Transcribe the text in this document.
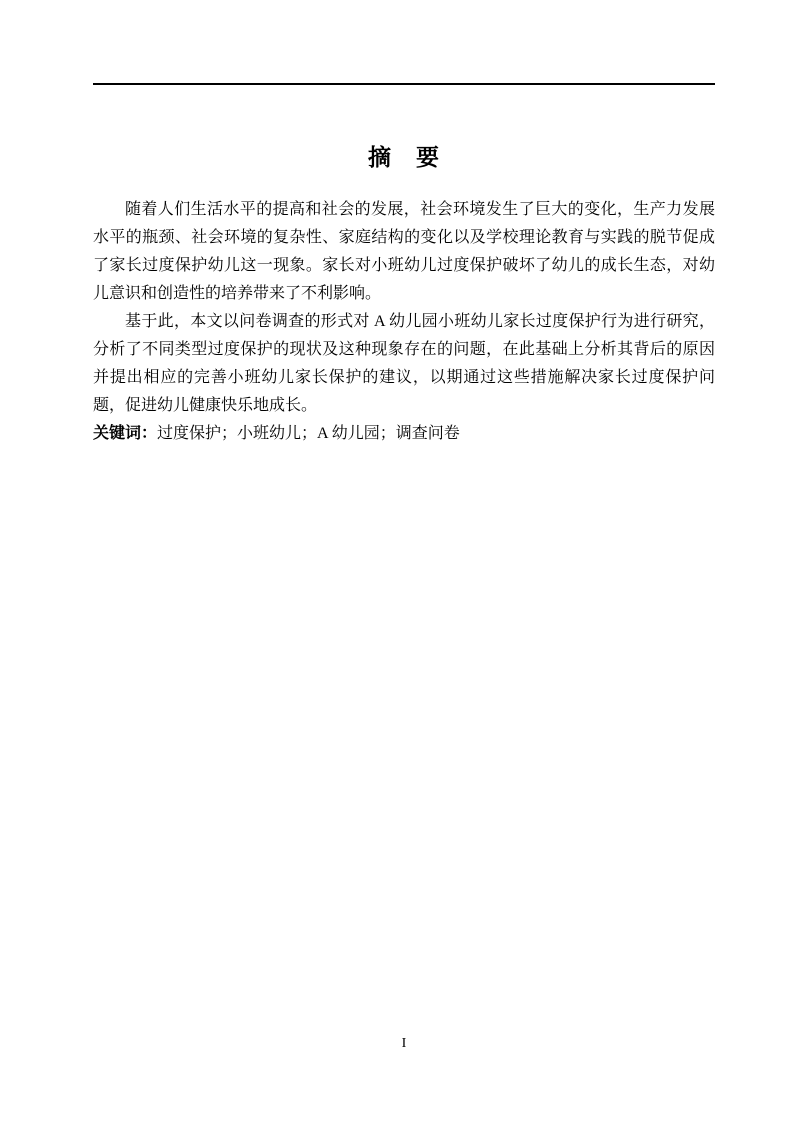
摘　要

随着人们生活水平的提高和社会的发展，社会环境发生了巨大的变化，生产力发展水平的瓶颈、社会环境的复杂性、家庭结构的变化以及学校理论教育与实践的脱节促成了家长过度保护幼儿这一现象。家长对小班幼儿过度保护破坏了幼儿的成长生态，对幼儿意识和创造性的培养带来了不利影响。

基于此，本文以问卷调查的形式对 A 幼儿园小班幼儿家长过度保护行为进行研究，分析了不同类型过度保护的现状及这种现象存在的问题，在此基础上分析其背后的原因并提出相应的完善小班幼儿家长保护的建议，以期通过这些措施解决家长过度保护问题，促进幼儿健康快乐地成长。

关键词：过度保护；小班幼儿；A 幼儿园；调查问卷

I
